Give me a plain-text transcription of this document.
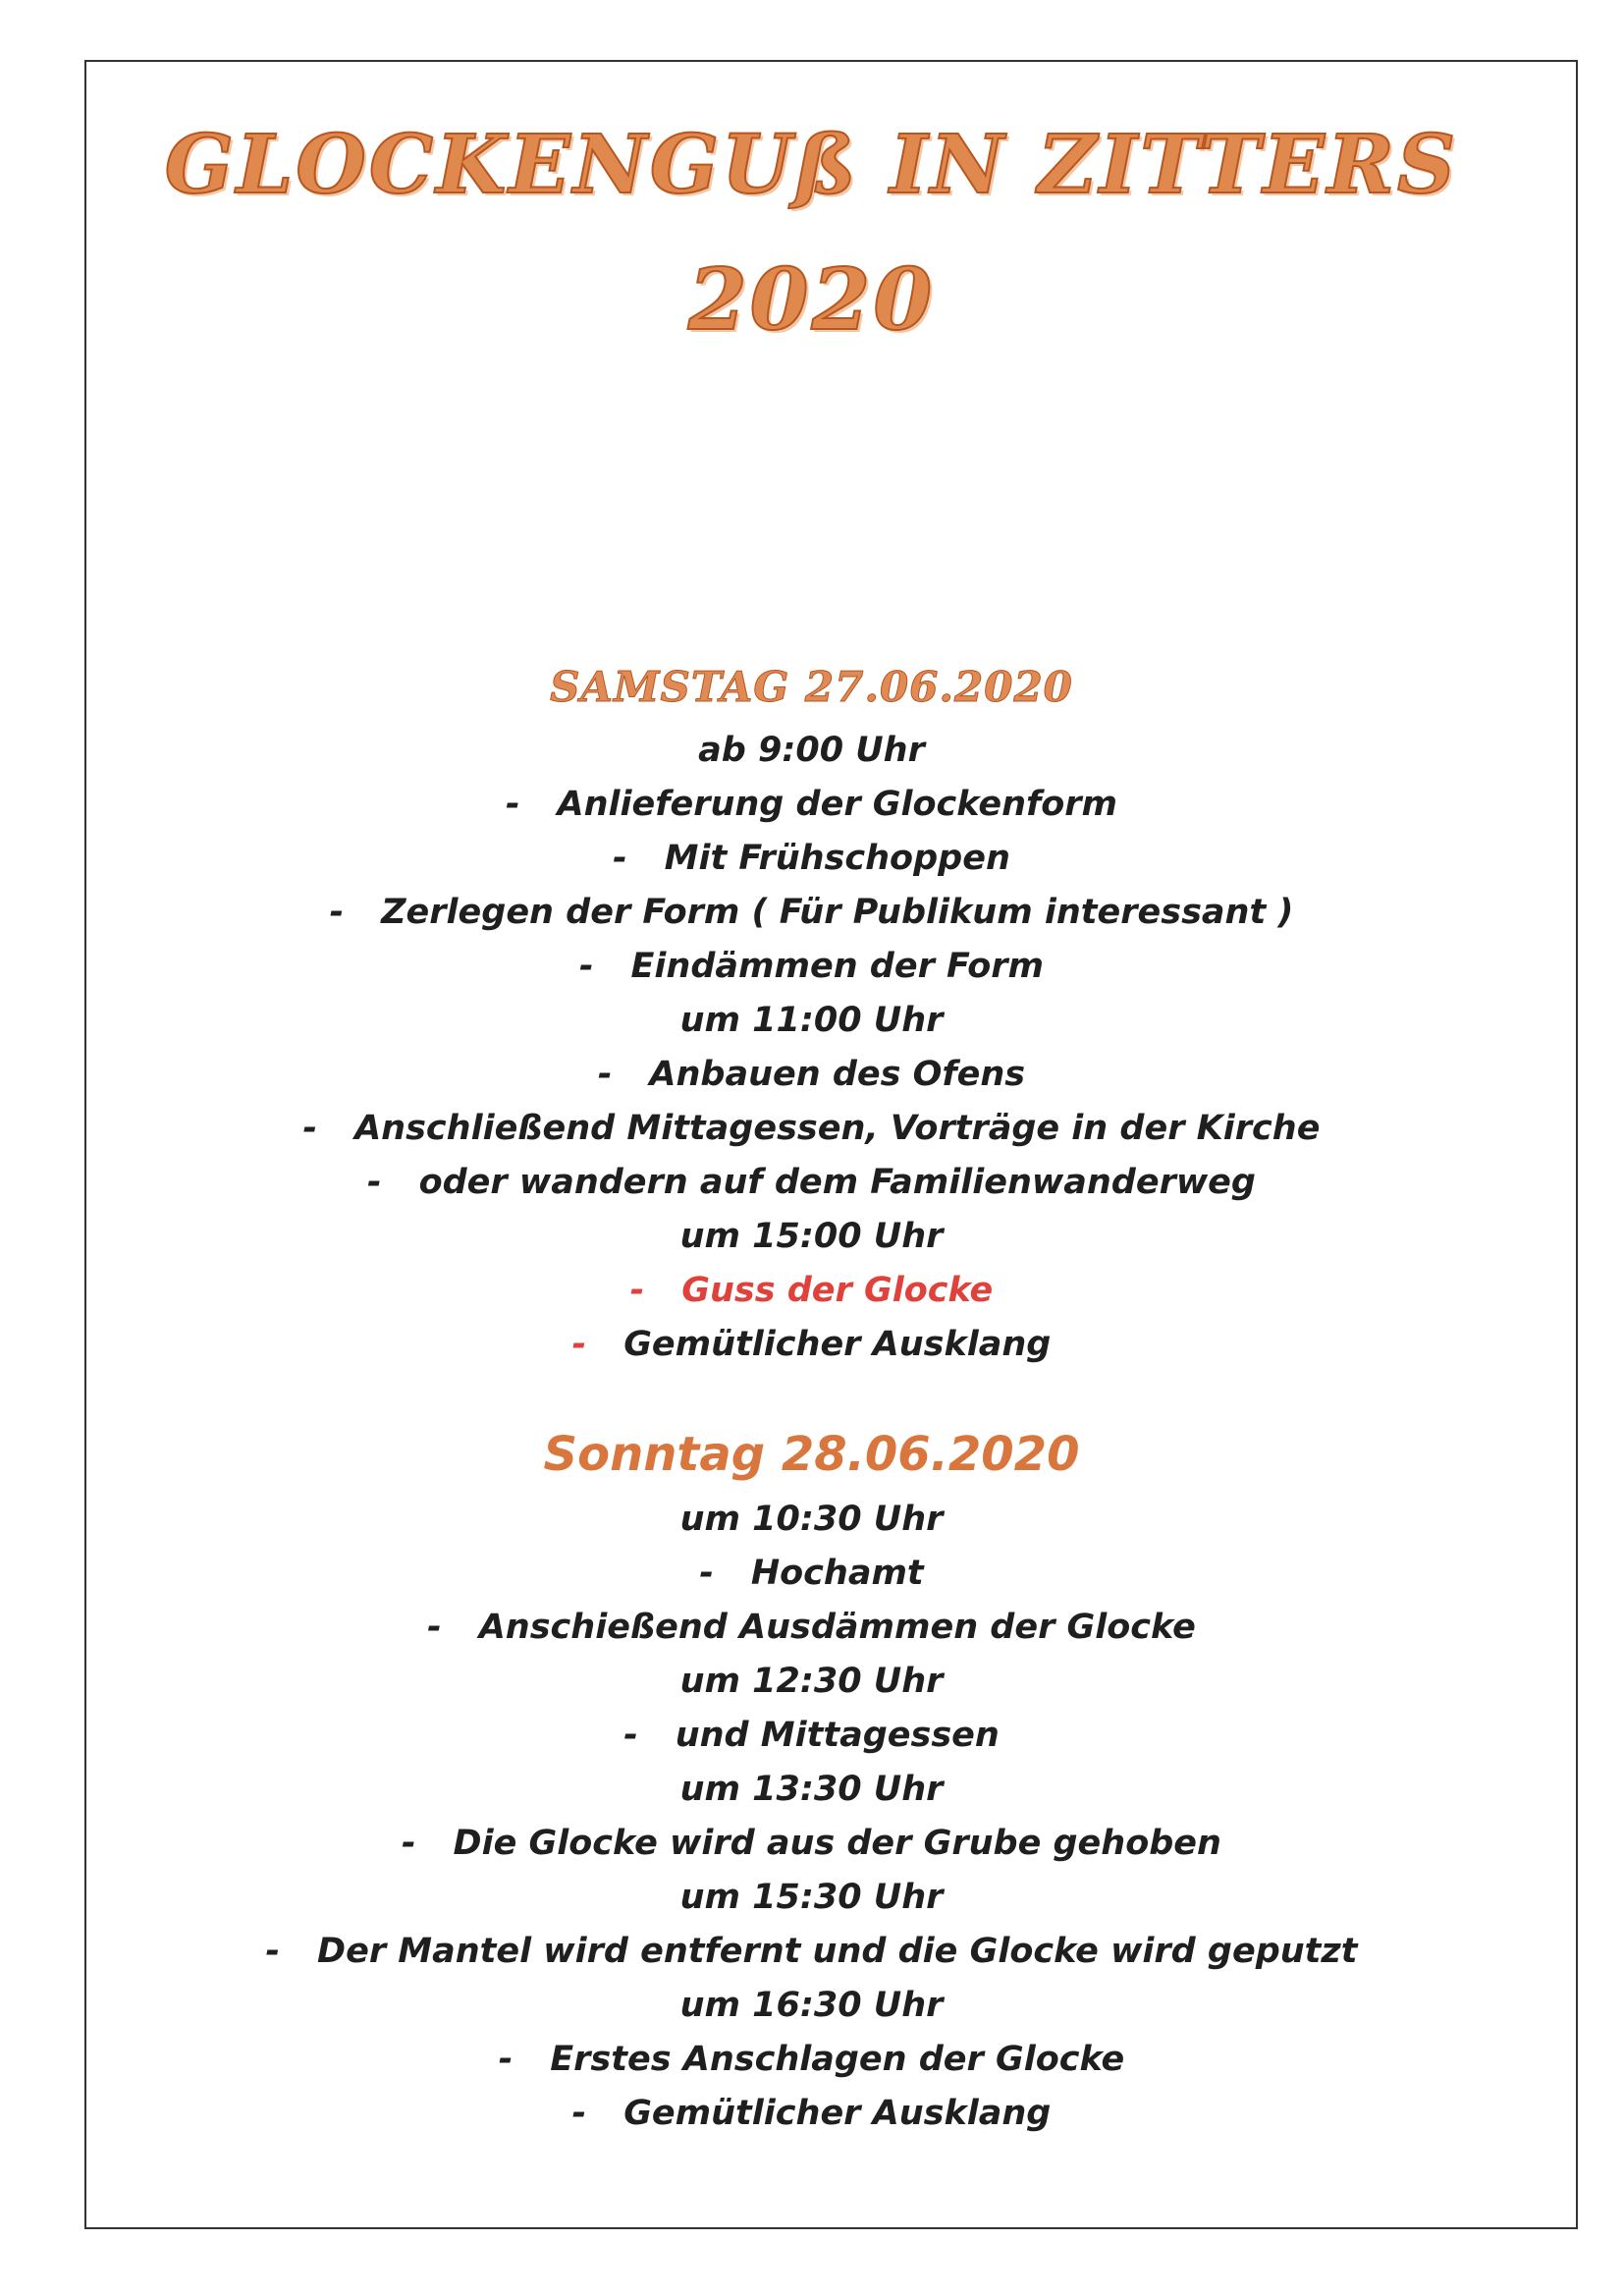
GLOCKENGUß IN ZITTERS
2020
SAMSTAG 27.06.2020
ab 9:00 Uhr
- Anlieferung der Glockenform
- Mit Frühschoppen
- Zerlegen der Form ( Für Publikum interessant )
- Eindämmen der Form
um 11:00 Uhr
- Anbauen des Ofens
- Anschließend Mittagessen, Vorträge in der Kirche
- oder wandern auf dem Familienwanderweg
um 15:00 Uhr
- Guss der Glocke
- Gemütlicher Ausklang
Sonntag 28.06.2020
um 10:30 Uhr
- Hochamt
- Anschießend Ausdämmen der Glocke
um 12:30 Uhr
- und Mittagessen
um 13:30 Uhr
- Die Glocke wird aus der Grube gehoben
um 15:30 Uhr
- Der Mantel wird entfernt und die Glocke wird geputzt
um 16:30 Uhr
- Erstes Anschlagen der Glocke
- Gemütlicher Ausklang
